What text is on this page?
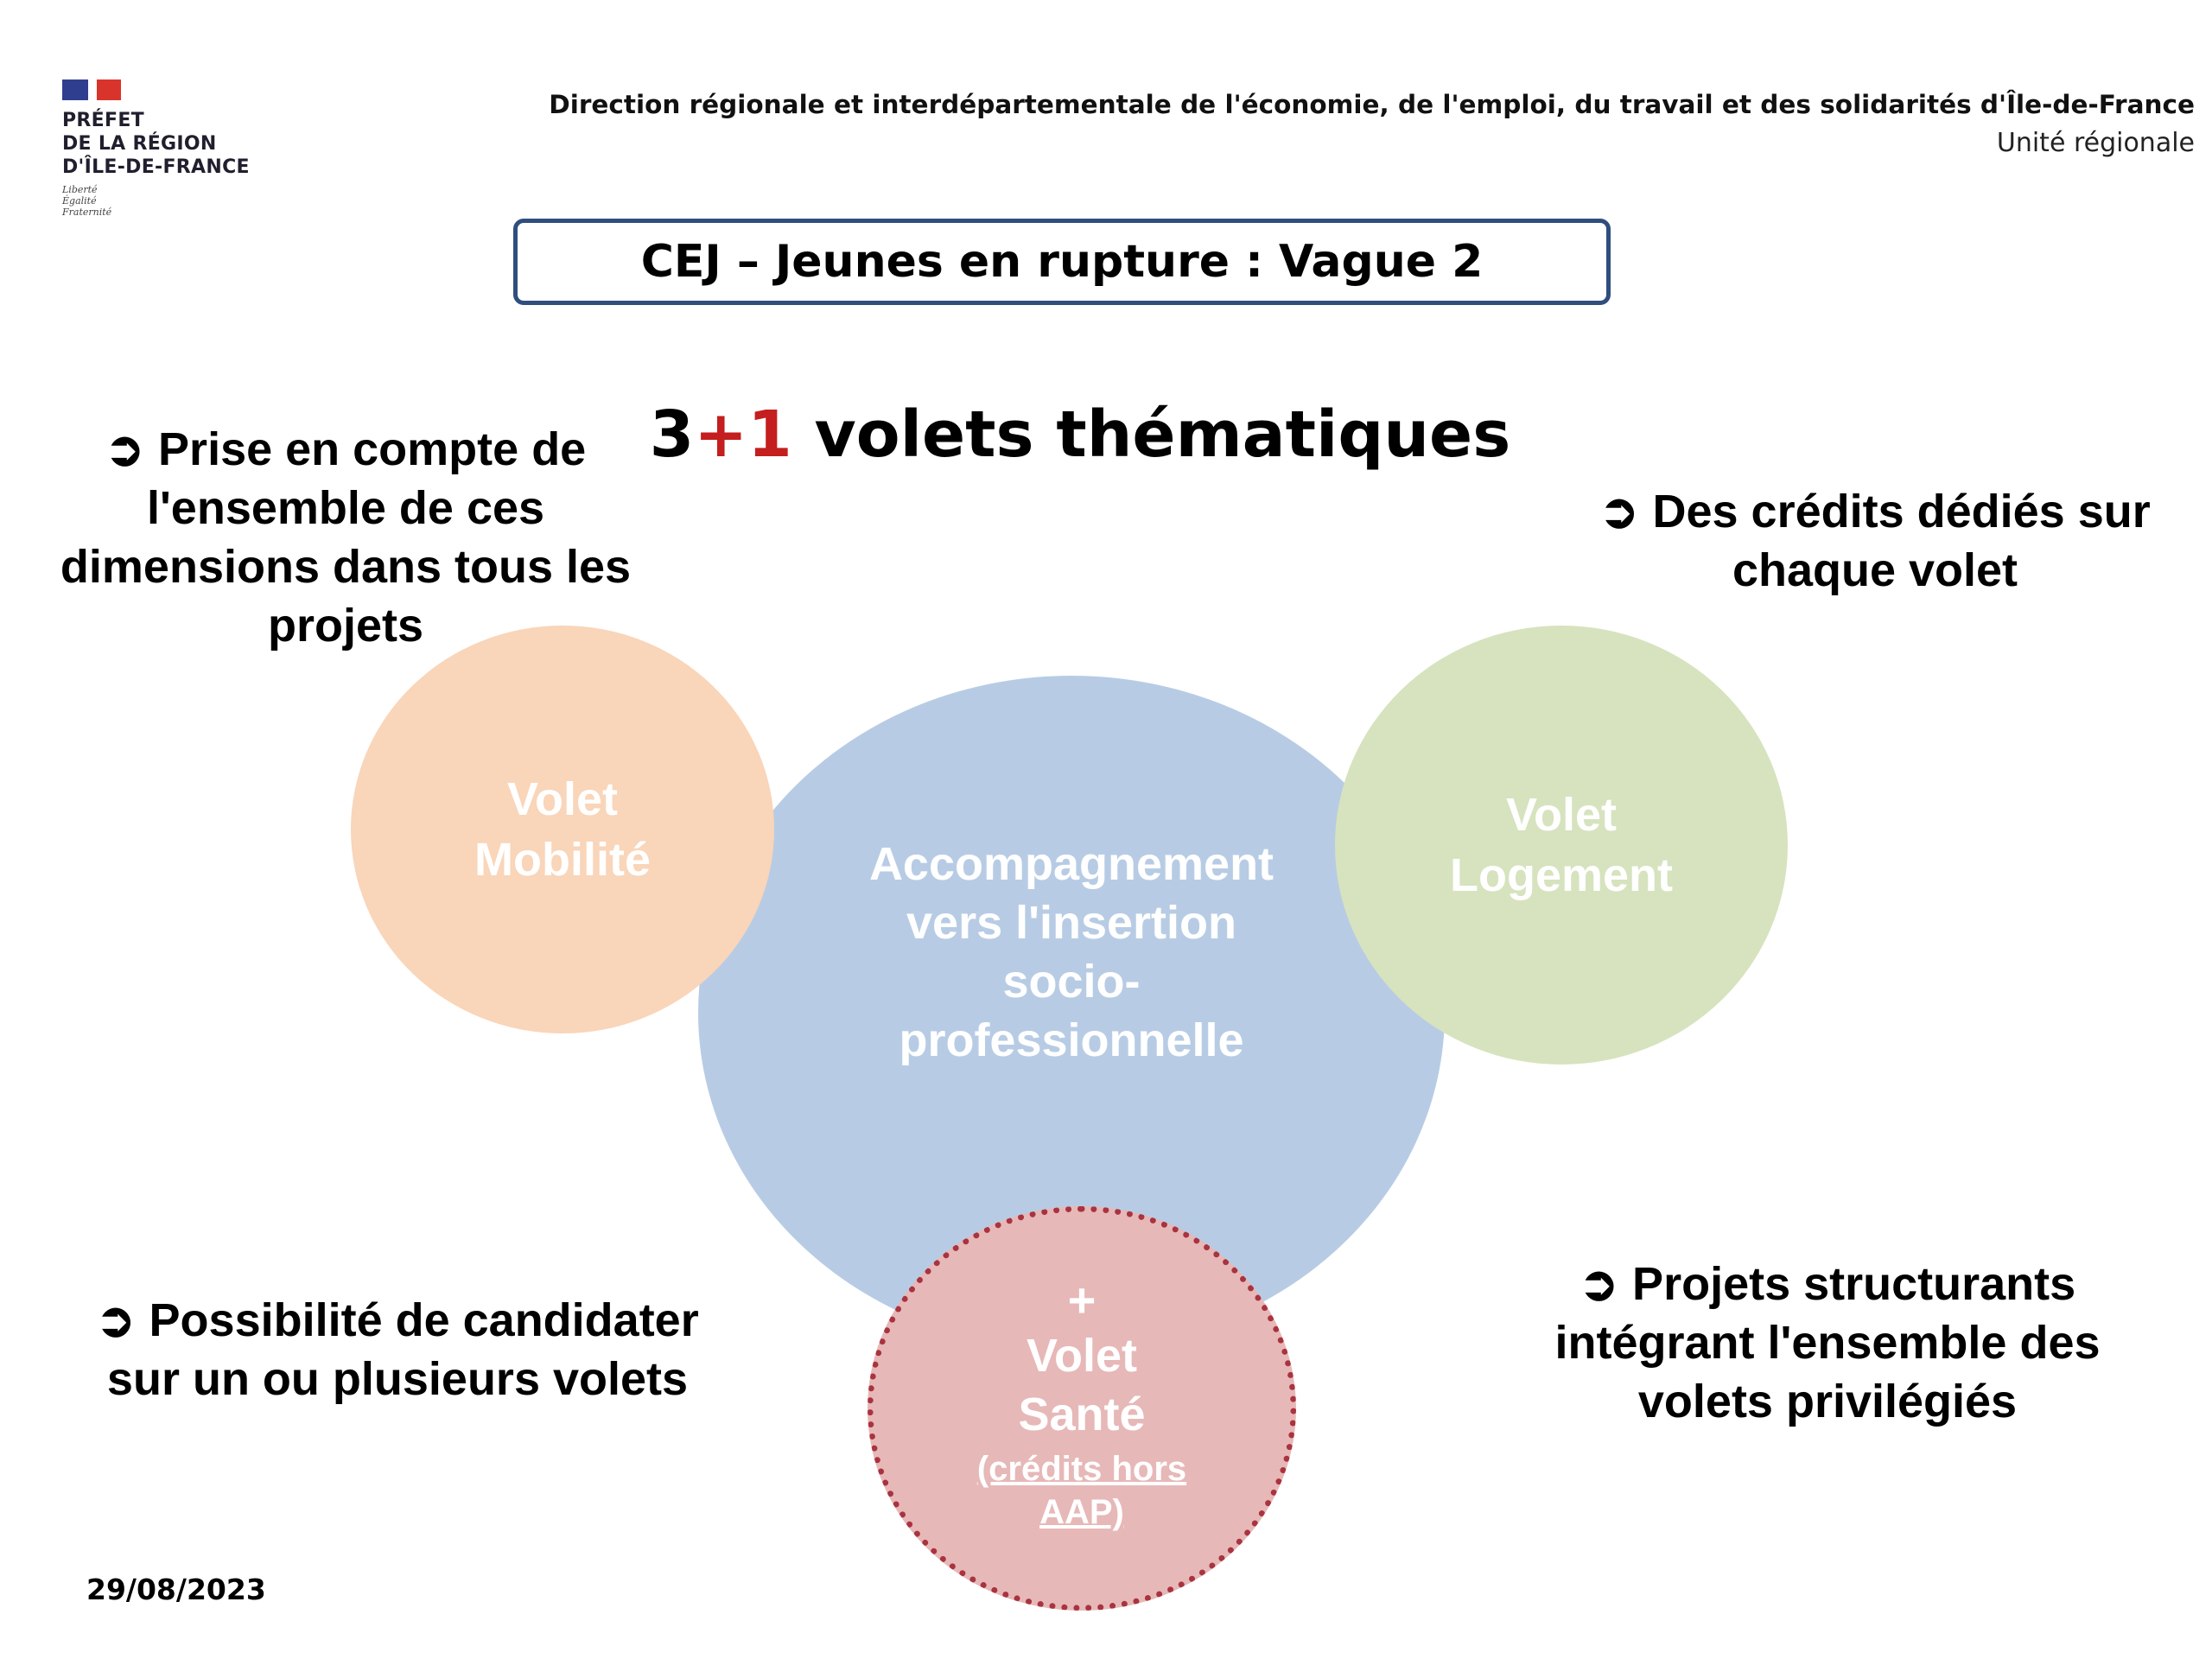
PRÉFET
DE LA RÉGION
D'ÎLE-DE-FRANCE
Liberté
Égalité
Fraternité
Direction régionale et interdépartementale de l'économie, de l'emploi, du travail et des solidarités d'Île-de-France
Unité régionale
CEJ – Jeunes en rupture : Vague 2
3+1 volets thématiques
➲ Prise en compte de
l'ensemble de ces
dimensions dans tous les
projets
➲ Des crédits dédiés sur
chaque volet
➲ Possibilité de candidater
sur un ou plusieurs volets
➲ Projets structurants
intégrant l'ensemble des
volets privilégiés
Accompagnement
vers l'insertion
socio-
professionnelle
Volet
Mobilité
Volet
Logement
+
Volet
Santé
(crédits hors
AAP)
29/08/2023
